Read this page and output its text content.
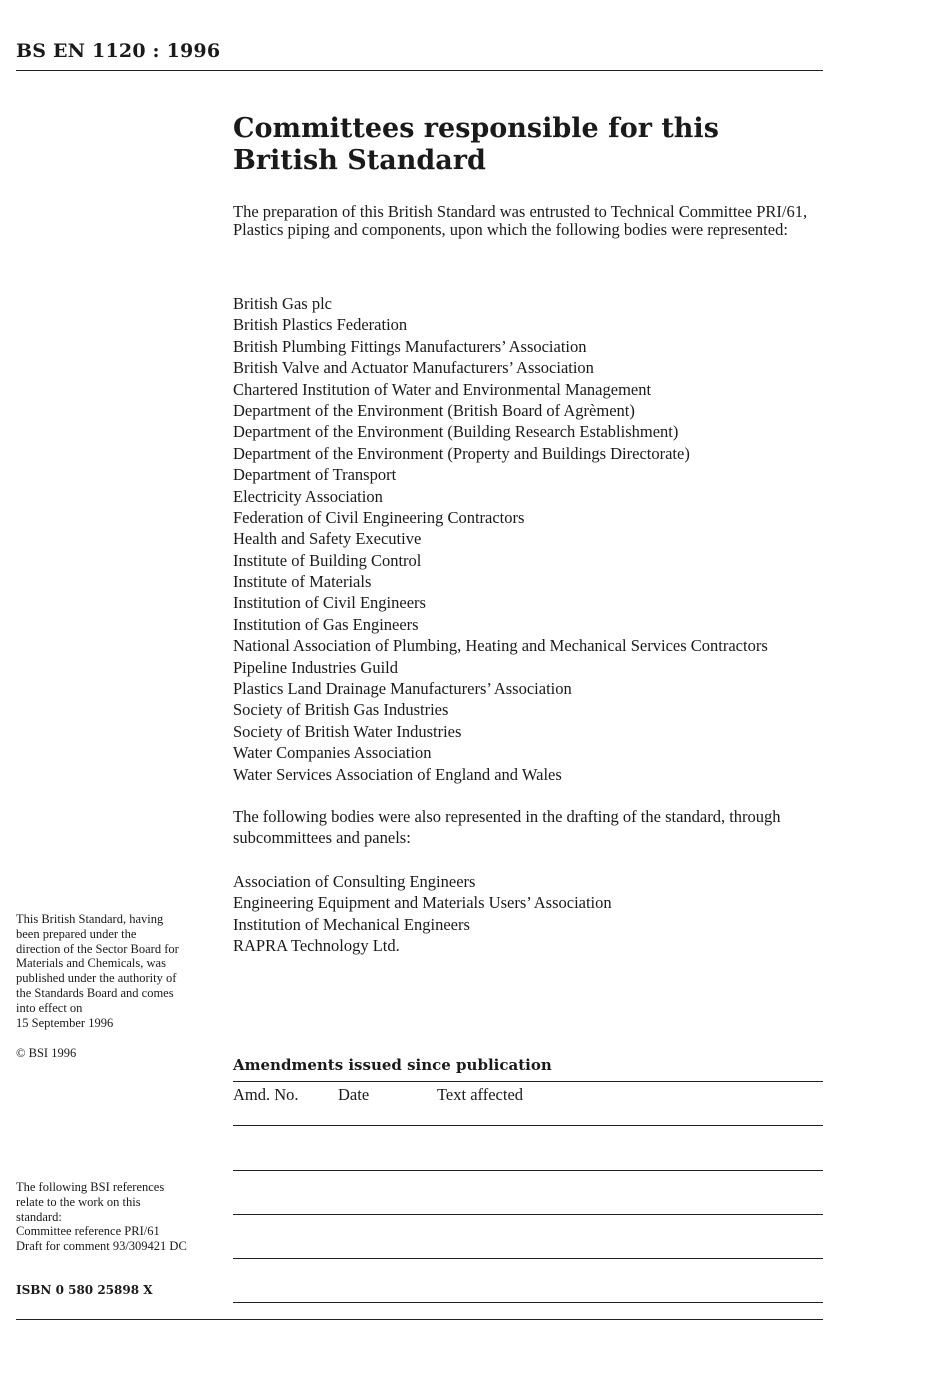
BS EN 1120 : 1996
Committees responsible for this
British Standard

The preparation of this British Standard was entrusted to Technical Committee PRI/61, Plastics piping and components, upon which the following bodies were represented:

British Gas plc
British Plastics Federation
British Plumbing Fittings Manufacturers’ Association
British Valve and Actuator Manufacturers’ Association
Chartered Institution of Water and Environmental Management
Department of the Environment (British Board of Agrèment)
Department of the Environment (Building Research Establishment)
Department of the Environment (Property and Buildings Directorate)
Department of Transport
Electricity Association
Federation of Civil Engineering Contractors
Health and Safety Executive
Institute of Building Control
Institute of Materials
Institution of Civil Engineers
Institution of Gas Engineers
National Association of Plumbing, Heating and Mechanical Services Contractors
Pipeline Industries Guild
Plastics Land Drainage Manufacturers’ Association
Society of British Gas Industries
Society of British Water Industries
Water Companies Association
Water Services Association of England and Wales

The following bodies were also represented in the drafting of the standard, through subcommittees and panels:

Association of Consulting Engineers
Engineering Equipment and Materials Users’ Association
Institution of Mechanical Engineers
RAPRA Technology Ltd.

This British Standard, having
been prepared under the
direction of the Sector Board for
Materials and Chemicals, was
published under the authority of
the Standards Board and comes
into effect on
15 September 1996

© BSI 1996

The following BSI references
relate to the work on this
standard:
Committee reference PRI/61
Draft for comment 93/309421 DC

ISBN 0 580 25898 X
Amendments issued since publication
Amd. No. Date	Text affected
